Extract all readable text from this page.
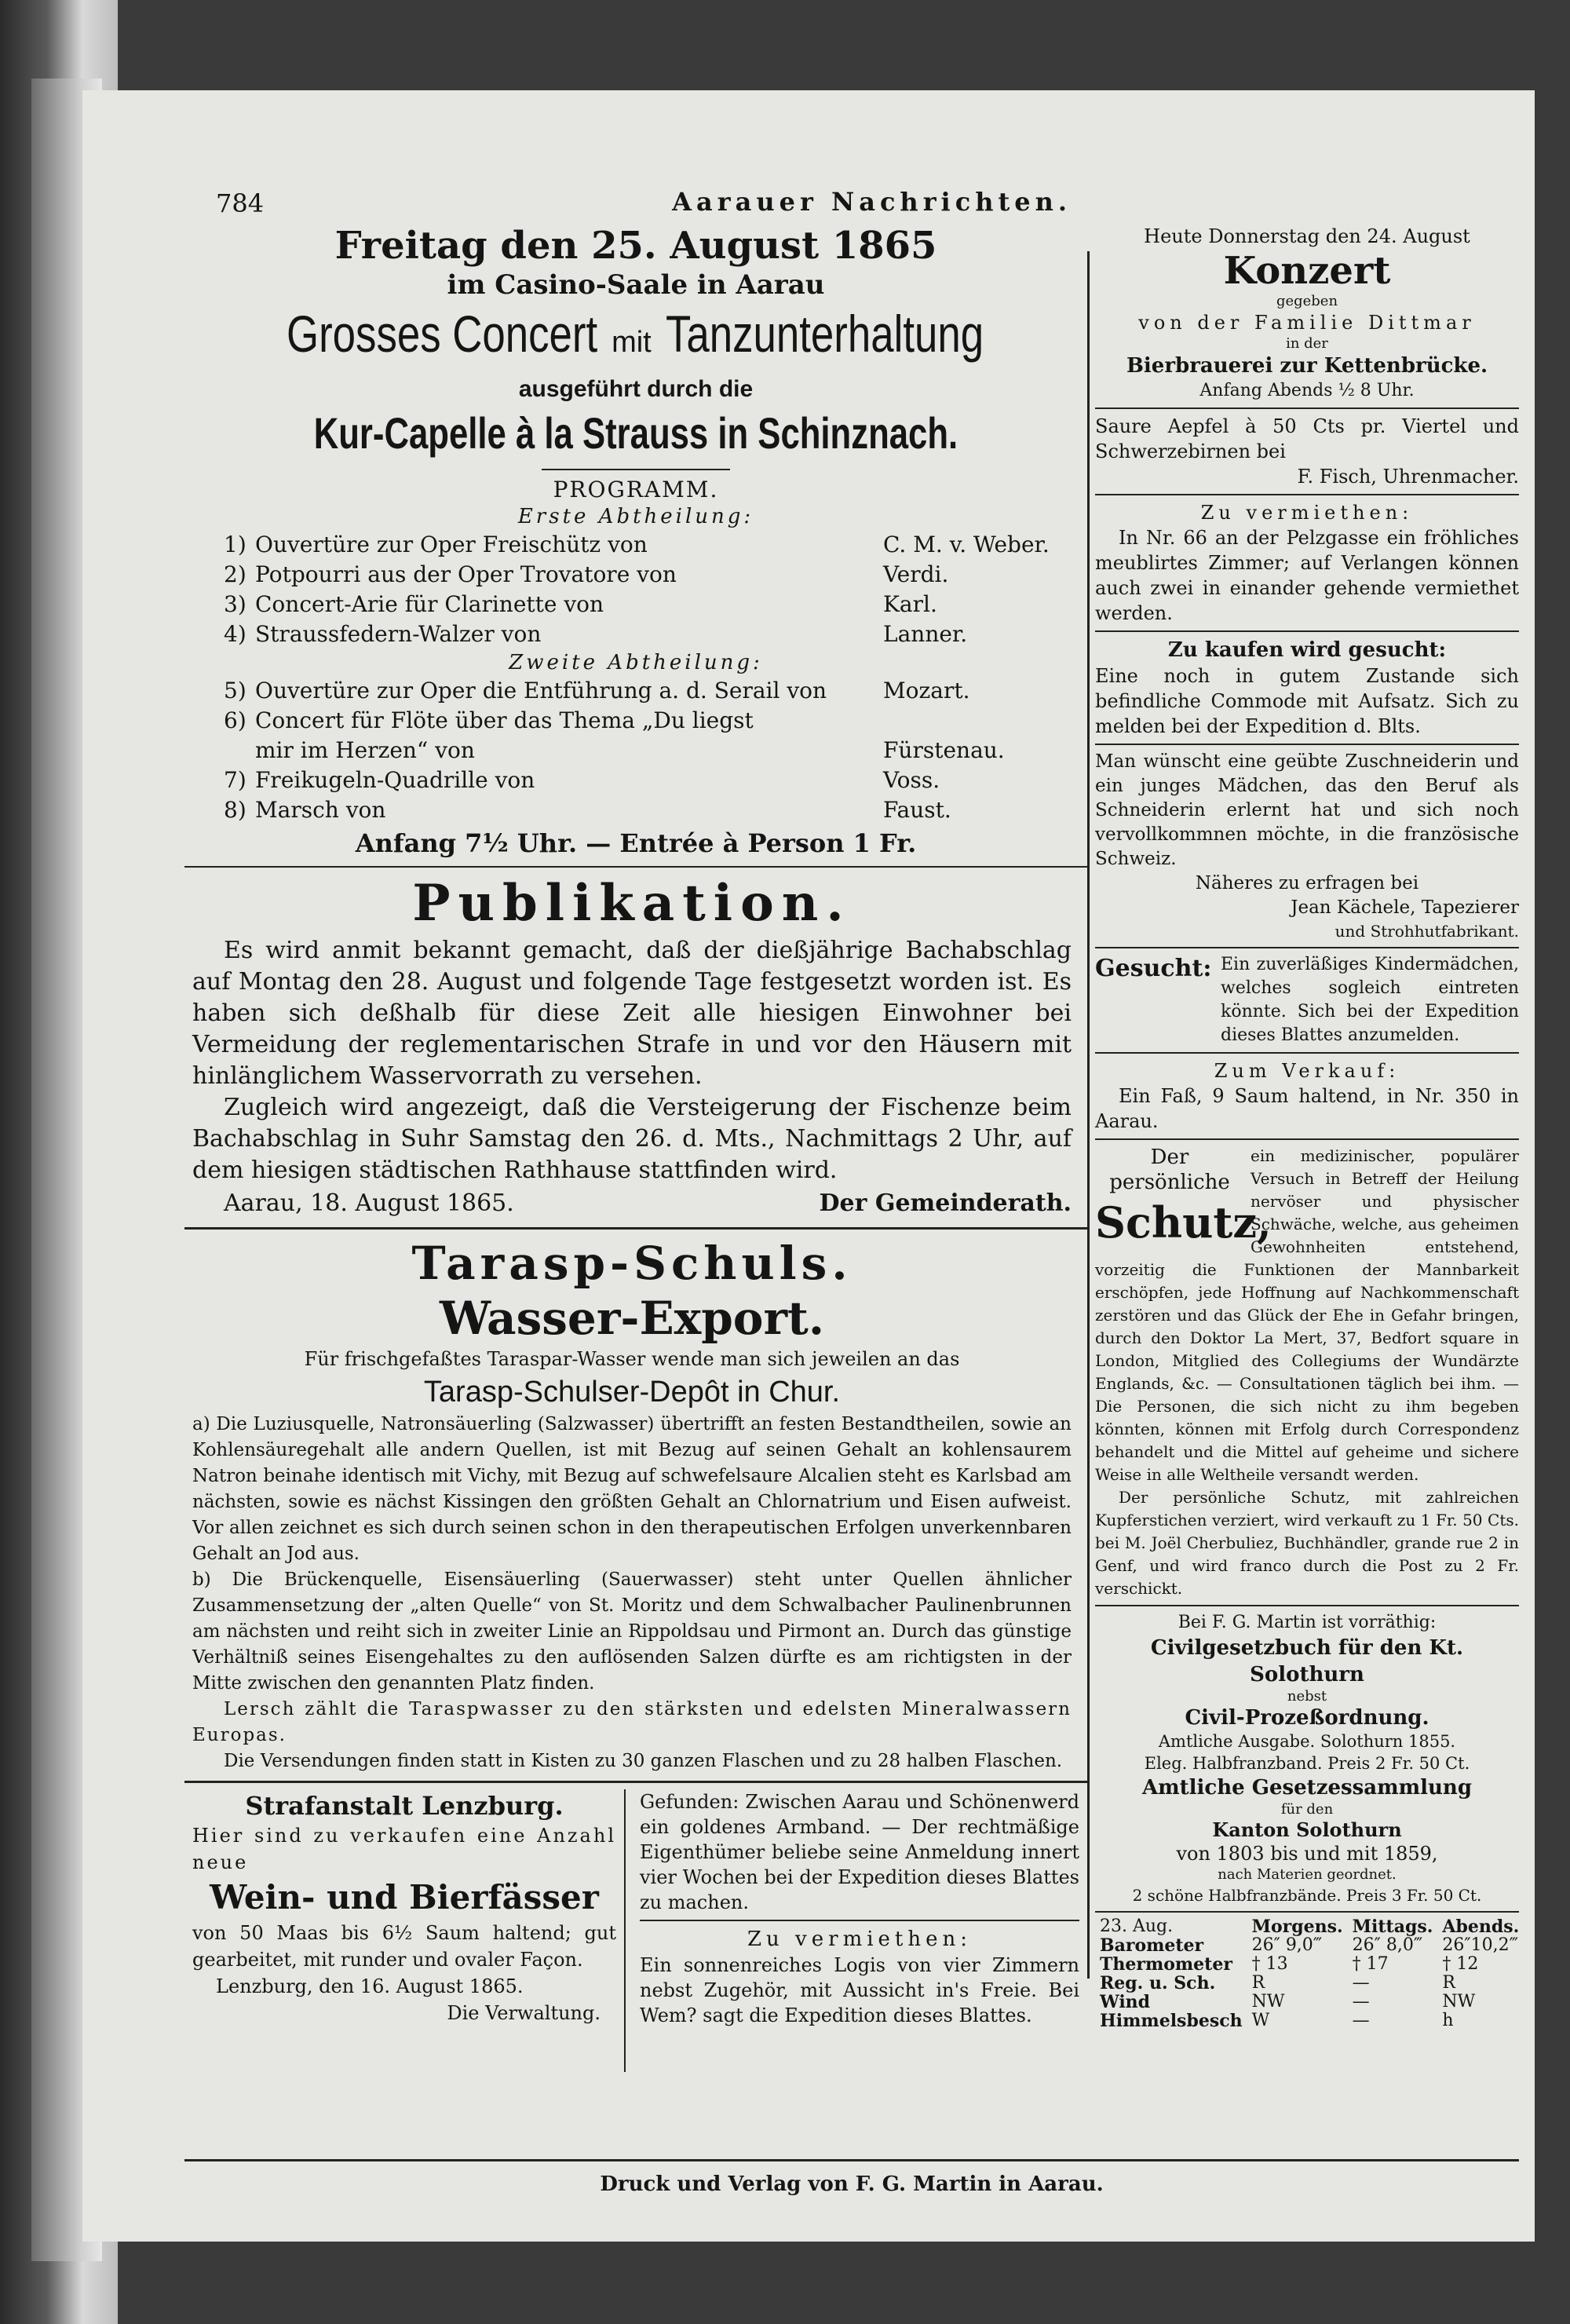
784	Aarauer Nachrichten.
Freitag den 25. August 1865
im Casino-Saale in Aarau
Grosses Concert mit Tanzunterhaltung
ausgeführt durch die
Kur-Capelle à la Strauss in Schinznach.
PROGRAMM.
Erste Abtheilung:
1) Ouvertüre zur Oper Freischütz von	C. M. v. Weber.
2) Potpourri aus der Oper Trovatore von	Verdi.
3) Concert-Arie für Clarinette von	Karl.
4) Straussfedern-Walzer von	Lanner.
Zweite Abtheilung:
5) Ouvertüre zur Oper die Entführung a. d. Serail von	Mozart.
6) Concert für Flöte über das Thema „Du liegst mir im Herzen“ von	Fürstenau.
7) Freikugeln-Quadrille von	Voss.
8) Marsch von	Faust.
Anfang 7½ Uhr. — Entrée à Person 1 Fr.
Publikation.

Es wird anmit bekannt gemacht, daß der dießjährige Bachabschlag auf Montag den 28. August und folgende Tage festgesetzt worden ist. Es haben sich deßhalb für diese Zeit alle hiesigen Einwohner bei Vermeidung der reglementarischen Strafe in und vor den Häusern mit hinlänglichem Wasservorrath zu versehen.

Zugleich wird angezeigt, daß die Versteigerung der Fischenze beim Bachabschlag in Suhr Samstag den 26. d. Mts., Nachmittags 2 Uhr, auf dem hiesigen städtischen Rathhause stattfinden wird.

Aarau, 18. August 1865.	Der Gemeinderath.
Tarasp-Schuls.
Wasser-Export.

Für frischgefaßtes Taraspar-Wasser wende man sich jeweilen an das

Tarasp-Schulser-Depôt in Chur.

a) Die Luziusquelle, Natronsäuerling (Salzwasser) übertrifft an festen Bestandtheilen, sowie an Kohlensäuregehalt alle andern Quellen, ist mit Bezug auf seinen Gehalt an kohlensaurem Natron beinahe identisch mit Vichy, mit Bezug auf schwefelsaure Alcalien steht es Karlsbad am nächsten, sowie es nächst Kissingen den größten Gehalt an Chlornatrium und Eisen aufweist. Vor allen zeichnet es sich durch seinen schon in den therapeutischen Erfolgen unverkennbaren Gehalt an Jod aus.

b) Die Brückenquelle, Eisensäuerling (Sauerwasser) steht unter Quellen ähnlicher Zusammensetzung der „alten Quelle“ von St. Moritz und dem Schwalbacher Paulinenbrunnen am nächsten und reiht sich in zweiter Linie an Rippoldsau und Pirmont an. Durch das günstige Verhältniß seines Eisengehaltes zu den auflösenden Salzen dürfte es am richtigsten in der Mitte zwischen den genannten Platz finden.

Lersch zählt die Taraspwasser zu den stärksten und edelsten Mineralwassern Europas.

Die Versendungen finden statt in Kisten zu 30 ganzen Flaschen und zu 28 halben Flaschen.

Strafanstalt Lenzburg.

Hier sind zu verkaufen eine Anzahl neue

Wein- und Bierfässer

von 50 Maas bis 6½ Saum haltend; gut gearbeitet, mit runder und ovaler Façon.

Lenzburg, den 16. August 1865.

Die Verwaltung.

Gefunden: Zwischen Aarau und Schönenwerd ein goldenes Armband. — Der rechtmäßige Eigenthümer beliebe seine Anmeldung innert vier Wochen bei der Expedition dieses Blattes zu machen.

Zu vermiethen:

Ein sonnenreiches Logis von vier Zimmern nebst Zugehör, mit Aussicht in's Freie. Bei Wem? sagt die Expedition dieses Blattes.

Heute Donnerstag den 24. August
Konzert
gegeben
von der Familie Dittmar
in der
Bierbrauerei zur Kettenbrücke.
Anfang Abends ½ 8 Uhr.

Saure Aepfel à 50 Cts pr. Viertel und Schwerzebirnen bei

F. Fisch, Uhrenmacher.

Zu vermiethen:

In Nr. 66 an der Pelzgasse ein fröhliches meublirtes Zimmer; auf Verlangen können auch zwei in einander gehende vermiethet werden.

Zu kaufen wird gesucht:

Eine noch in gutem Zustande sich befindliche Commode mit Aufsatz. Sich zu melden bei der Expedition d. Blts.

Man wünscht eine geübte Zuschneiderin und ein junges Mädchen, das den Beruf als Schneiderin erlernt hat und sich noch vervollkommnen möchte, in die französische Schweiz.

Näheres zu erfragen bei

Jean Kächele, Tapezierer

und Strohhutfabrikant.

Gesucht: Ein zuverläßiges Kindermädchen, welches sogleich eintreten könnte. Sich bei der Expedition dieses Blattes anzumelden.

Zum Verkauf:

Ein Faß, 9 Saum haltend, in Nr. 350 in Aarau.

Der
persönliche
Schutz,

ein medizinischer, populärer Versuch in Betreff der Heilung nervöser und physischer Schwäche, welche, aus geheimen Gewohnheiten entstehend, vorzeitig die Funktionen der Mannbarkeit erschöpfen, jede Hoffnung auf Nachkommenschaft zerstören und das Glück der Ehe in Gefahr bringen, durch den Doktor La Mert, 37, Bedfort square in London, Mitglied des Collegiums der Wundärzte Englands, &c. — Consultationen täglich bei ihm. — Die Personen, die sich nicht zu ihm begeben könnten, können mit Erfolg durch Correspondenz behandelt und die Mittel auf geheime und sichere Weise in alle Weltheile versandt werden.

Der persönliche Schutz, mit zahlreichen Kupferstichen verziert, wird verkauft zu 1 Fr. 50 Cts. bei M. Joël Cherbuliez, Buchhändler, grande rue 2 in Genf, und wird franco durch die Post zu 2 Fr. verschickt.

Bei F. G. Martin ist vorräthig:

Civilgesetzbuch für den Kt. Solothurn

nebst

Civil-Prozeßordnung.

Amtliche Ausgabe. Solothurn 1855.

Eleg. Halbfranzband. Preis 2 Fr. 50 Ct.

Amtliche Gesetzessammlung

für den

Kanton Solothurn

von 1803 bis und mit 1859,

nach Materien geordnet.

2 schöne Halbfranzbände. Preis 3 Fr. 50 Ct.

23. Aug.	Morgens.	Mittags.	Abends.
Barometer	26″ 9,0‴	26″ 8,0‴	26″10,2‴
Thermometer	† 13	† 17	† 12
Reg. u. Sch.	R	—	R
Wind	NW	—	NW
Himmelsbesch	W	—	h
Druck und Verlag von F. G. Martin in Aarau.
